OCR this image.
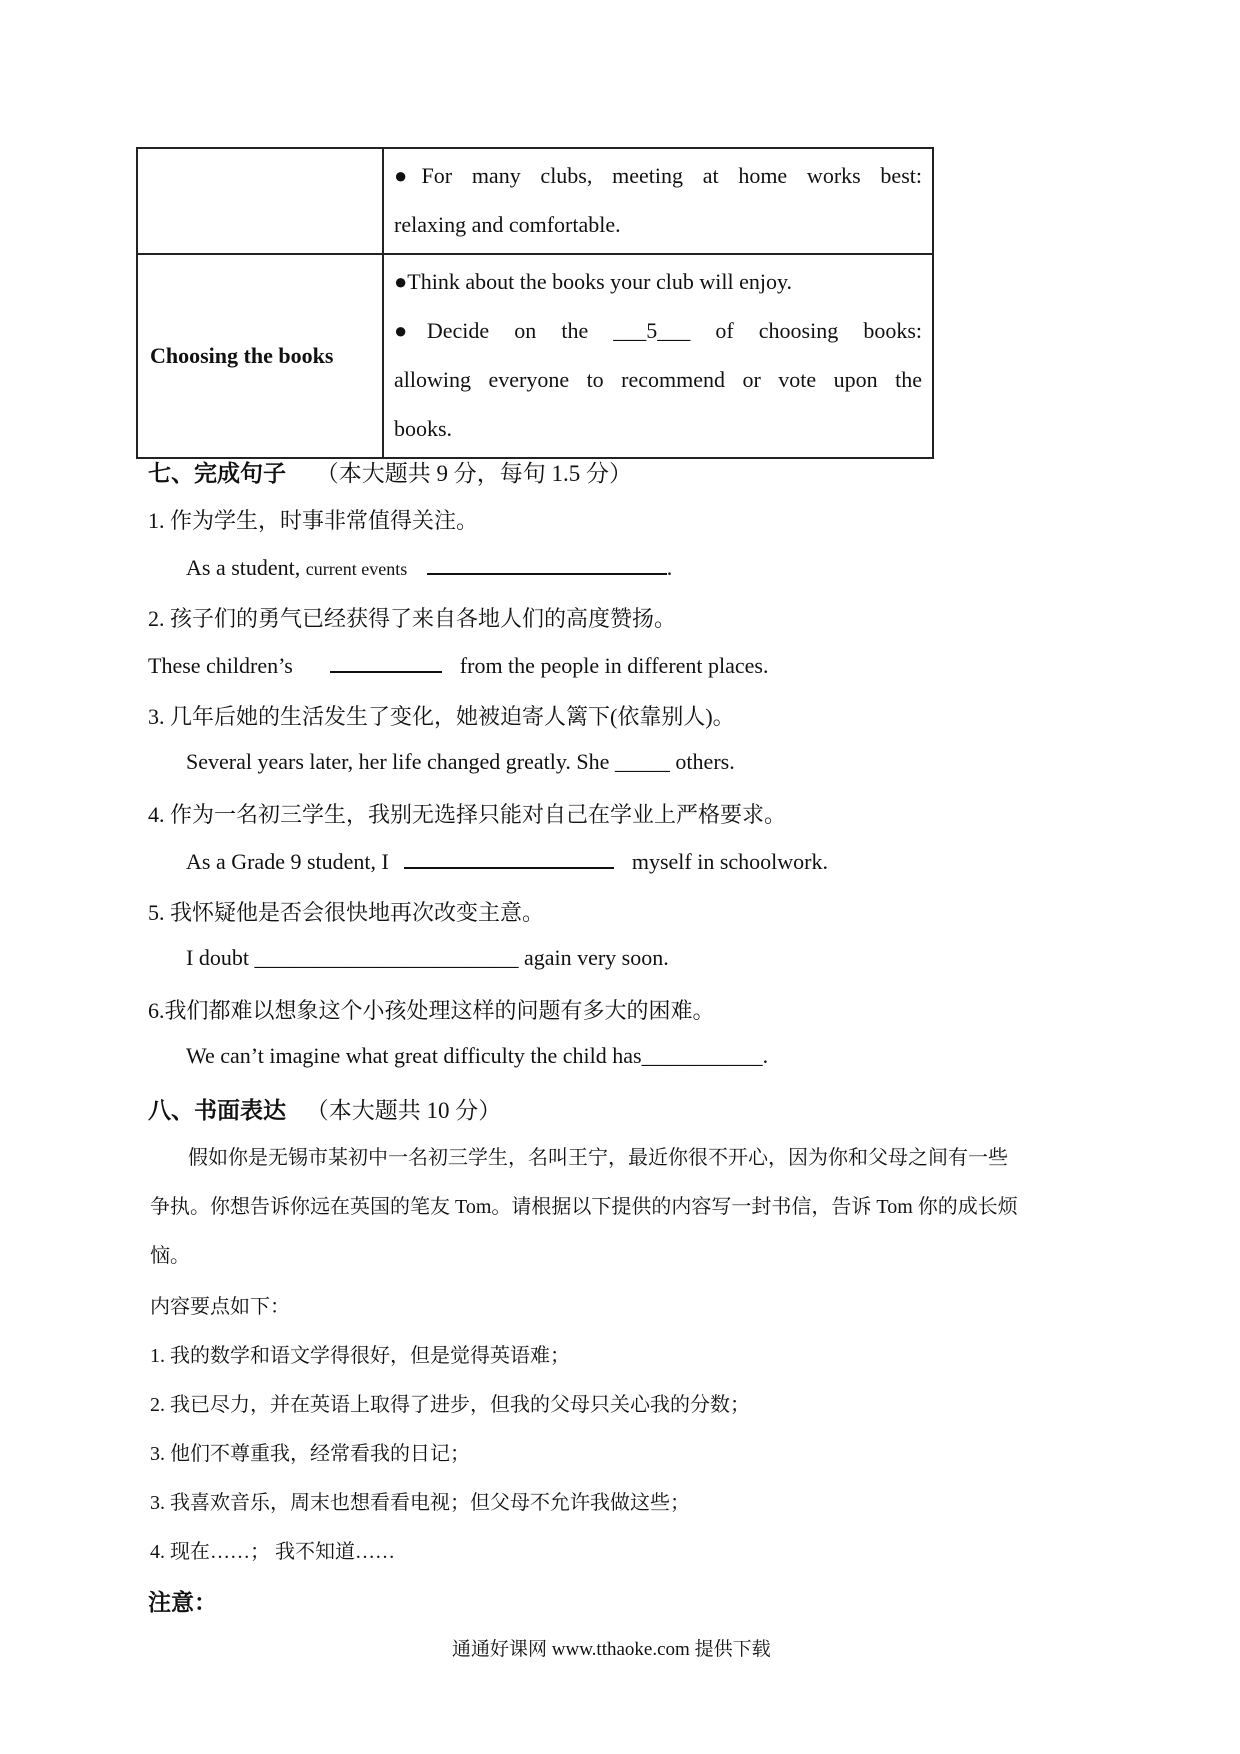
	●For many clubs, meeting at home works best:
relaxing and comfortable.

Choosing the books	●Think about the books your club will enjoy.
●Decide on the ___5___ of choosing books:
allowing everyone to recommend or vote upon the
books.
七、完成句子 （本大题共 9 分，每句 1.5 分）
1. 作为学生，时事非常值得关注。
As a student, current events	.
2. 孩子们的勇气已经获得了来自各地人们的高度赞扬。
These children’s	from the people in different places.
3. 几年后她的生活发生了变化，她被迫寄人篱下(依靠别人)。
Several years later, her life changed greatly. She _____ others.
4. 作为一名初三学生，我别无选择只能对自己在学业上严格要求。
As a Grade 9 student, I	myself in schoolwork.
5. 我怀疑他是否会很快地再次改变主意。
I doubt ________________________ again very soon.
6.我们都难以想象这个小孩处理这样的问题有多大的困难。
We can’t imagine what great difficulty the child has___________.
八、书面表达 （本大题共 10 分）
假如你是无锡市某初中一名初三学生，名叫王宁，最近你很不开心，因为你和父母之间有一些
争执。你想告诉你远在英国的笔友 Tom。请根据以下提供的内容写一封书信，告诉 Tom 你的成长烦
恼。
内容要点如下：
1. 我的数学和语文学得很好，但是觉得英语难；
2. 我已尽力，并在英语上取得了进步，但我的父母只关心我的分数；
3. 他们不尊重我，经常看我的日记；
3. 我喜欢音乐，周末也想看看电视；但父母不允许我做这些；
4. 现在……； 我不知道……
注意：
通通好课网 www.tthaoke.com 提供下载
